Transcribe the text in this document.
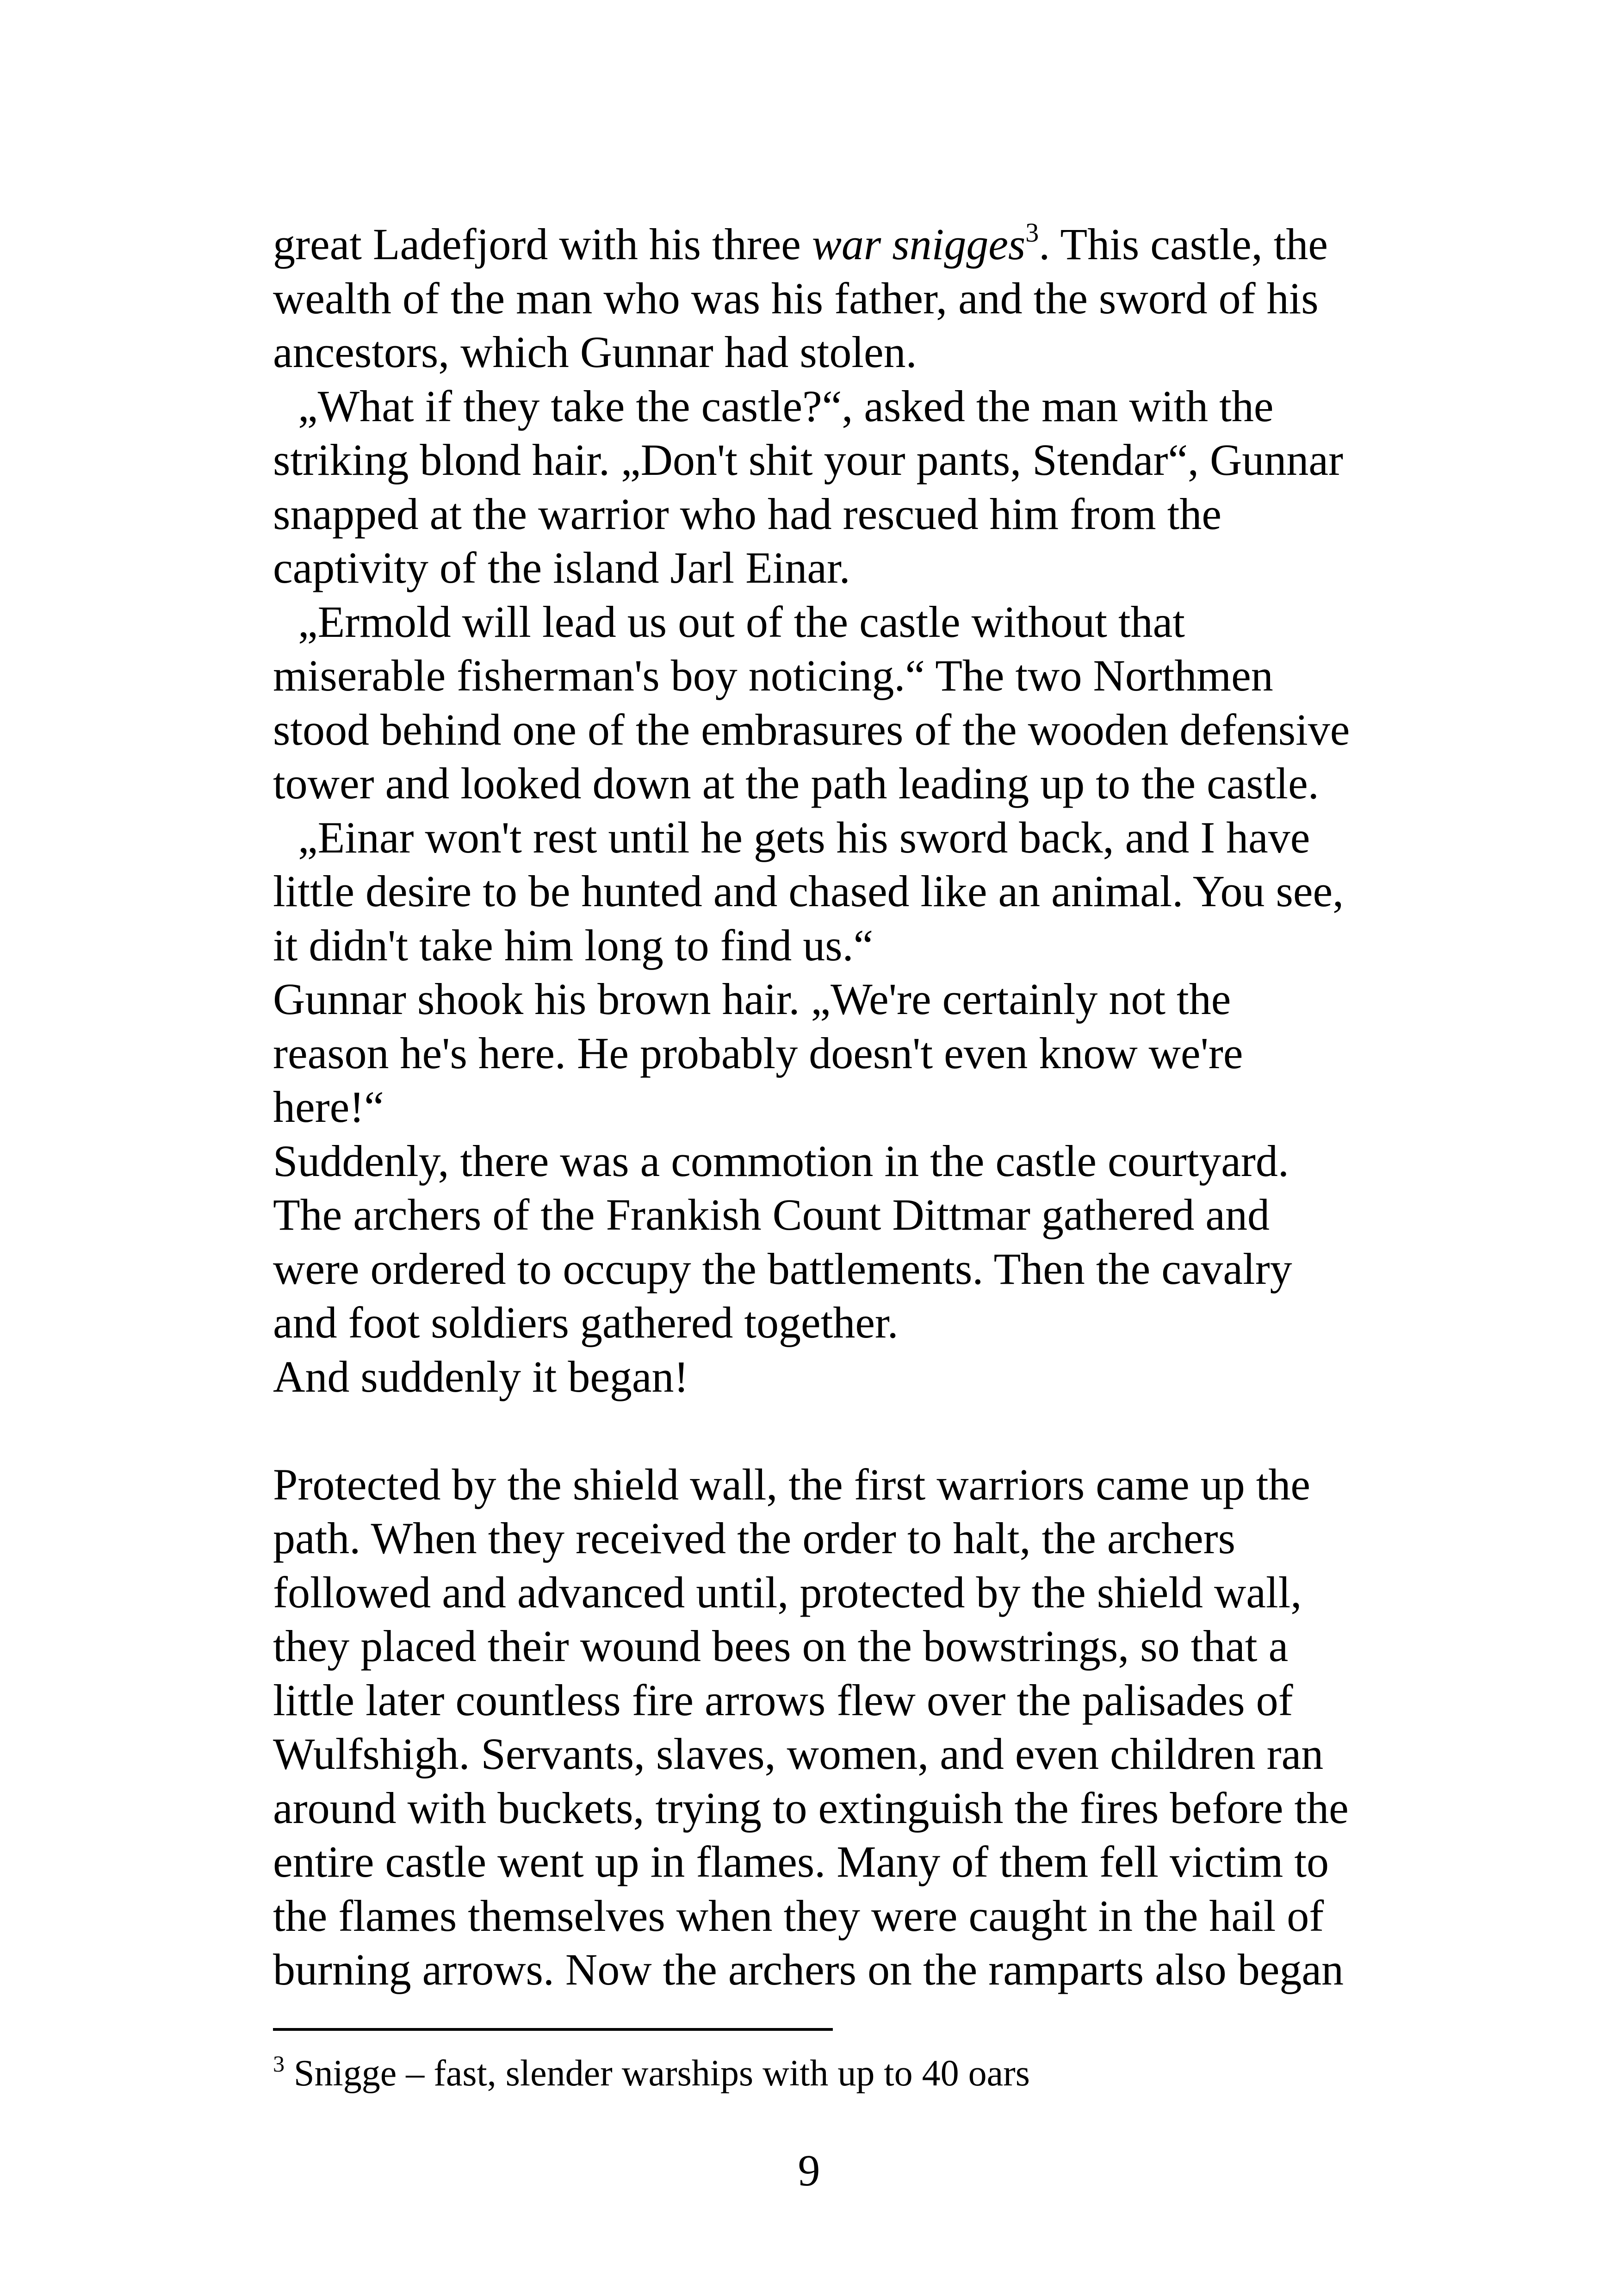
great Ladefjord with his three war snigges$^3$. This castle, the
wealth of the man who was his father, and the sword of his
ancestors, which Gunnar had stolen.
„What if they take the castle?“, asked the man with the
striking blond hair. „Don't shit your pants, Stendar“, Gunnar
snapped at the warrior who had rescued him from the
captivity of the island Jarl Einar.
„Ermold will lead us out of the castle without that
miserable fisherman's boy noticing.“ The two Northmen
stood behind one of the embrasures of the wooden defensive
tower and looked down at the path leading up to the castle.
„Einar won't rest until he gets his sword back, and I have
little desire to be hunted and chased like an animal. You see,
it didn't take him long to find us.“
Gunnar shook his brown hair. „We're certainly not the
reason he's here. He probably doesn't even know we're
here!“
Suddenly, there was a commotion in the castle courtyard.
The archers of the Frankish Count Dittmar gathered and
were ordered to occupy the battlements. Then the cavalry
and foot soldiers gathered together.
And suddenly it began!
Protected by the shield wall, the first warriors came up the
path. When they received the order to halt, the archers
followed and advanced until, protected by the shield wall,
they placed their wound bees on the bowstrings, so that a
little later countless fire arrows flew over the palisades of
Wulfshigh. Servants, slaves, women, and even children ran
around with buckets, trying to extinguish the fires before the
entire castle went up in flames. Many of them fell victim to
the flames themselves when they were caught in the hail of
burning arrows. Now the archers on the ramparts also began
$^3$ Snigge – fast, slender warships with up to 40 oars
9
